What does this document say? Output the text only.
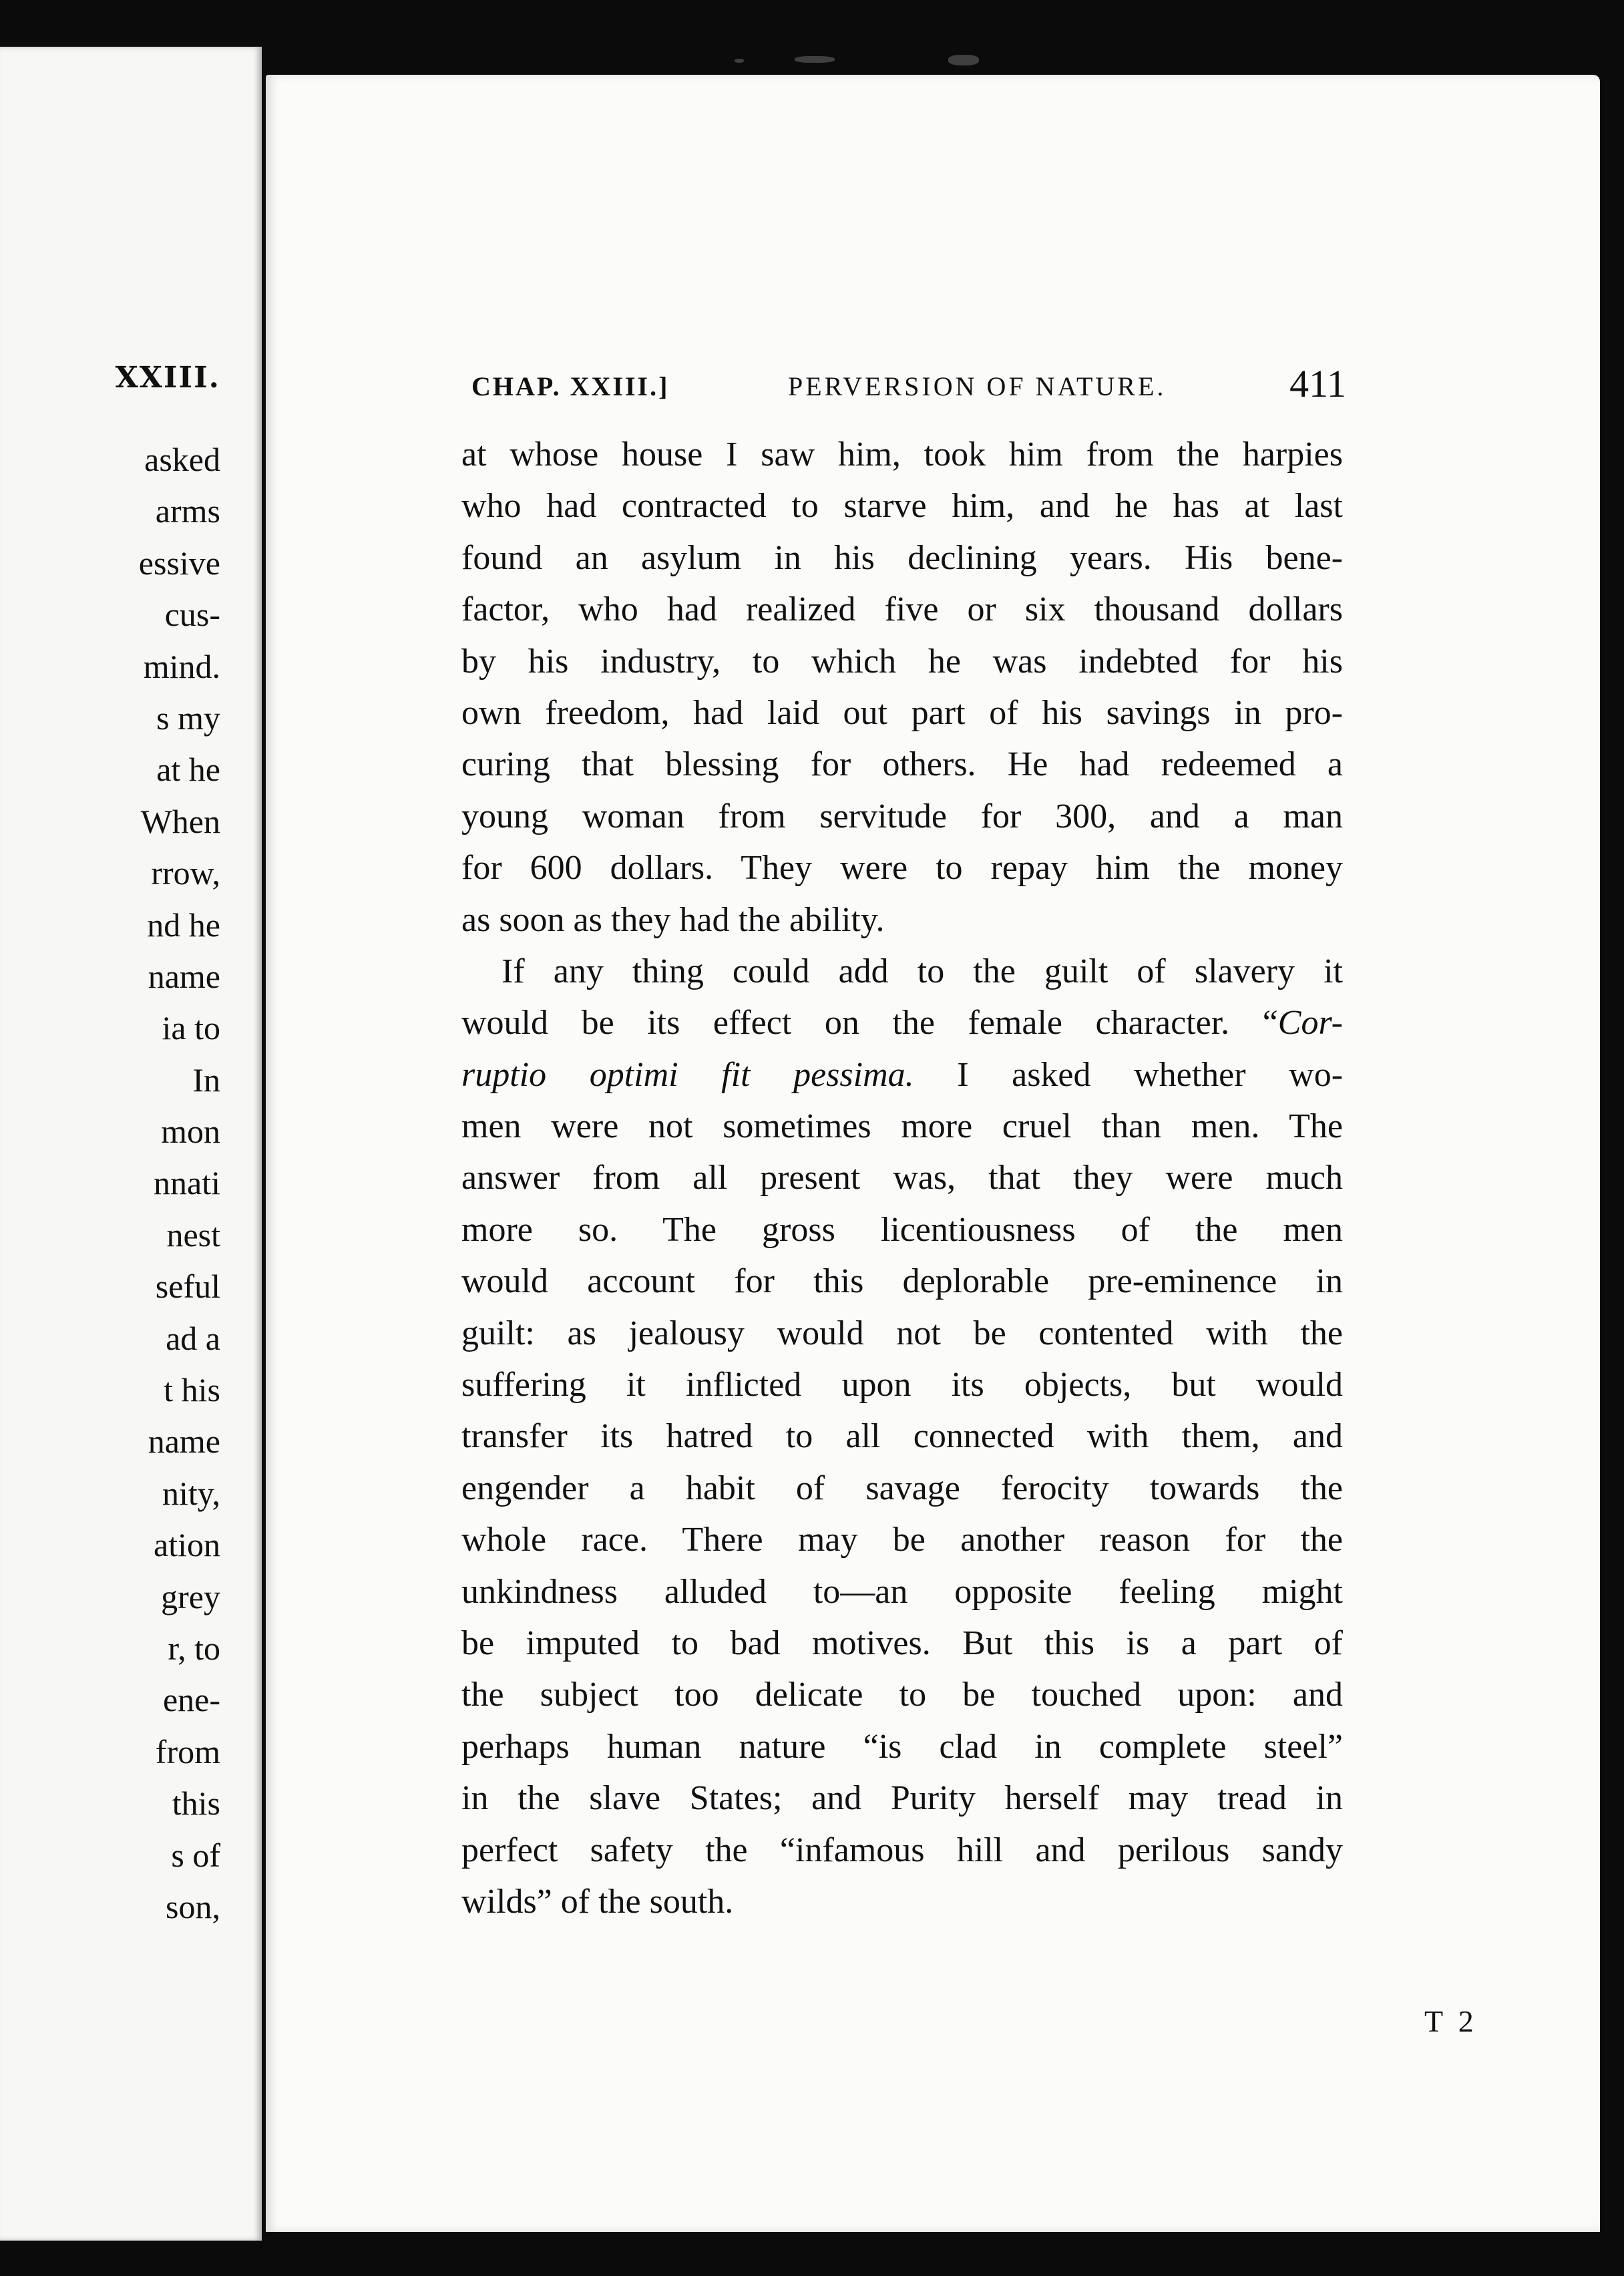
XXIII.
asked
arms
essive
cus-
mind.
s my
at he
When
rrow,
nd he
name
ia to
In
mon
nnati
nest
seful
ad a
t his
name
nity,
ation
grey
r, to
ene-
from
this
s of
son,
CHAP. XXIII.]	PERVERSION OF NATURE.	411
at whose house I saw him, took him from the harpies
who had contracted to starve him, and he has at last
found an asylum in his declining years. His bene-
factor, who had realized five or six thousand dollars
by his industry, to which he was indebted for his
own freedom, had laid out part of his savings in pro-
curing that blessing for others. He had redeemed a
young woman from servitude for 300, and a man
for 600 dollars. They were to repay him the money
as soon as they had the ability.
If any thing could add to the guilt of slavery it
would be its effect on the female character. “Cor-
ruptio optimi fit pessima. I asked whether wo-
men were not sometimes more cruel than men. The
answer from all present was, that they were much
more so. The gross licentiousness of the men
would account for this deplorable pre-eminence in
guilt: as jealousy would not be contented with the
suffering it inflicted upon its objects, but would
transfer its hatred to all connected with them, and
engender a habit of savage ferocity towards the
whole race. There may be another reason for the
unkindness alluded to—an opposite feeling might
be imputed to bad motives. But this is a part of
the subject too delicate to be touched upon: and
perhaps human nature “is clad in complete steel”
in the slave States; and Purity herself may tread in
perfect safety the “infamous hill and perilous sandy
wilds” of the south.
T 2
